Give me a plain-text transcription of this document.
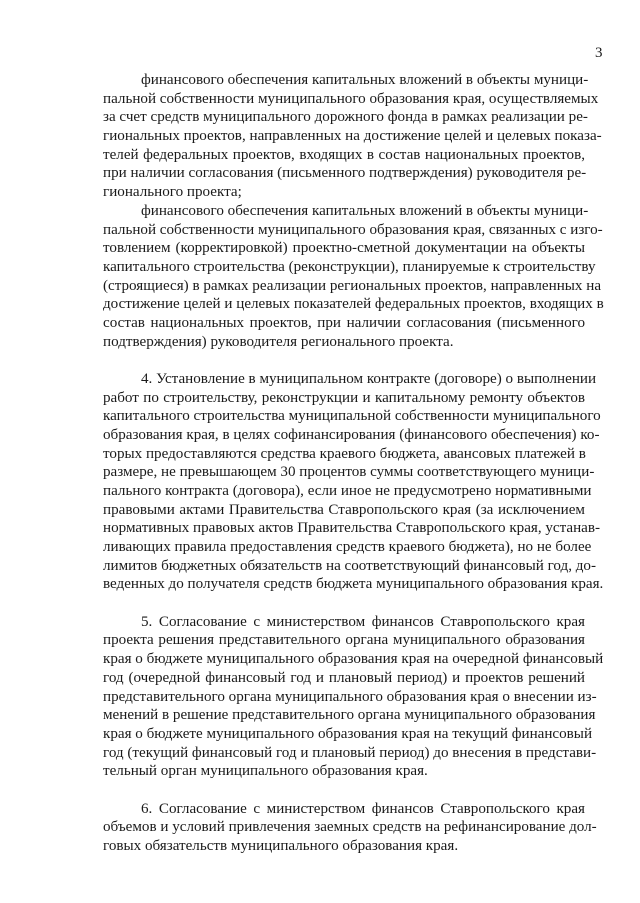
3
финансового обеспечения капитальных вложений в объекты муници-
пальной собственности муниципального образования края, осуществляемых
за счет средств муниципального дорожного фонда в рамках реализации ре-
гиональных проектов, направленных на достижение целей и целевых показа-
телей федеральных проектов, входящих в состав национальных проектов,
при наличии согласования (письменного подтверждения) руководителя ре-
гионального проекта;
финансового обеспечения капитальных вложений в объекты муници-
пальной собственности муниципального образования края, связанных с изго-
товлением (корректировкой) проектно-сметной документации на объекты
капитального строительства (реконструкции), планируемые к строительству
(строящиеся) в рамках реализации региональных проектов, направленных на
достижение целей и целевых показателей федеральных проектов, входящих в
состав национальных проектов, при наличии согласования (письменного
подтверждения) руководителя регионального проекта.
4. Установление в муниципальном контракте (договоре) о выполнении
работ по строительству, реконструкции и капитальному ремонту объектов
капитального строительства муниципальной собственности муниципального
образования края, в целях софинансирования (финансового обеспечения) ко-
торых предоставляются средства краевого бюджета, авансовых платежей в
размере, не превышающем 30 процентов суммы соответствующего муници-
пального контракта (договора), если иное не предусмотрено нормативными
правовыми актами Правительства Ставропольского края (за исключением
нормативных правовых актов Правительства Ставропольского края, устанав-
ливающих правила предоставления средств краевого бюджета), но не более
лимитов бюджетных обязательств на соответствующий финансовый год, до-
веденных до получателя средств бюджета муниципального образования края.
5. Согласование с министерством финансов Ставропольского края
проекта решения представительного органа муниципального образования
края о бюджете муниципального образования края на очередной финансовый
год (очередной финансовый год и плановый период) и проектов решений
представительного органа муниципального образования края о внесении из-
менений в решение представительного органа муниципального образования
края о бюджете муниципального образования края на текущий финансовый
год (текущий финансовый год и плановый период) до внесения в представи-
тельный орган муниципального образования края.
6. Согласование с министерством финансов Ставропольского края
объемов и условий привлечения заемных средств на рефинансирование дол-
говых обязательств муниципального образования края.
